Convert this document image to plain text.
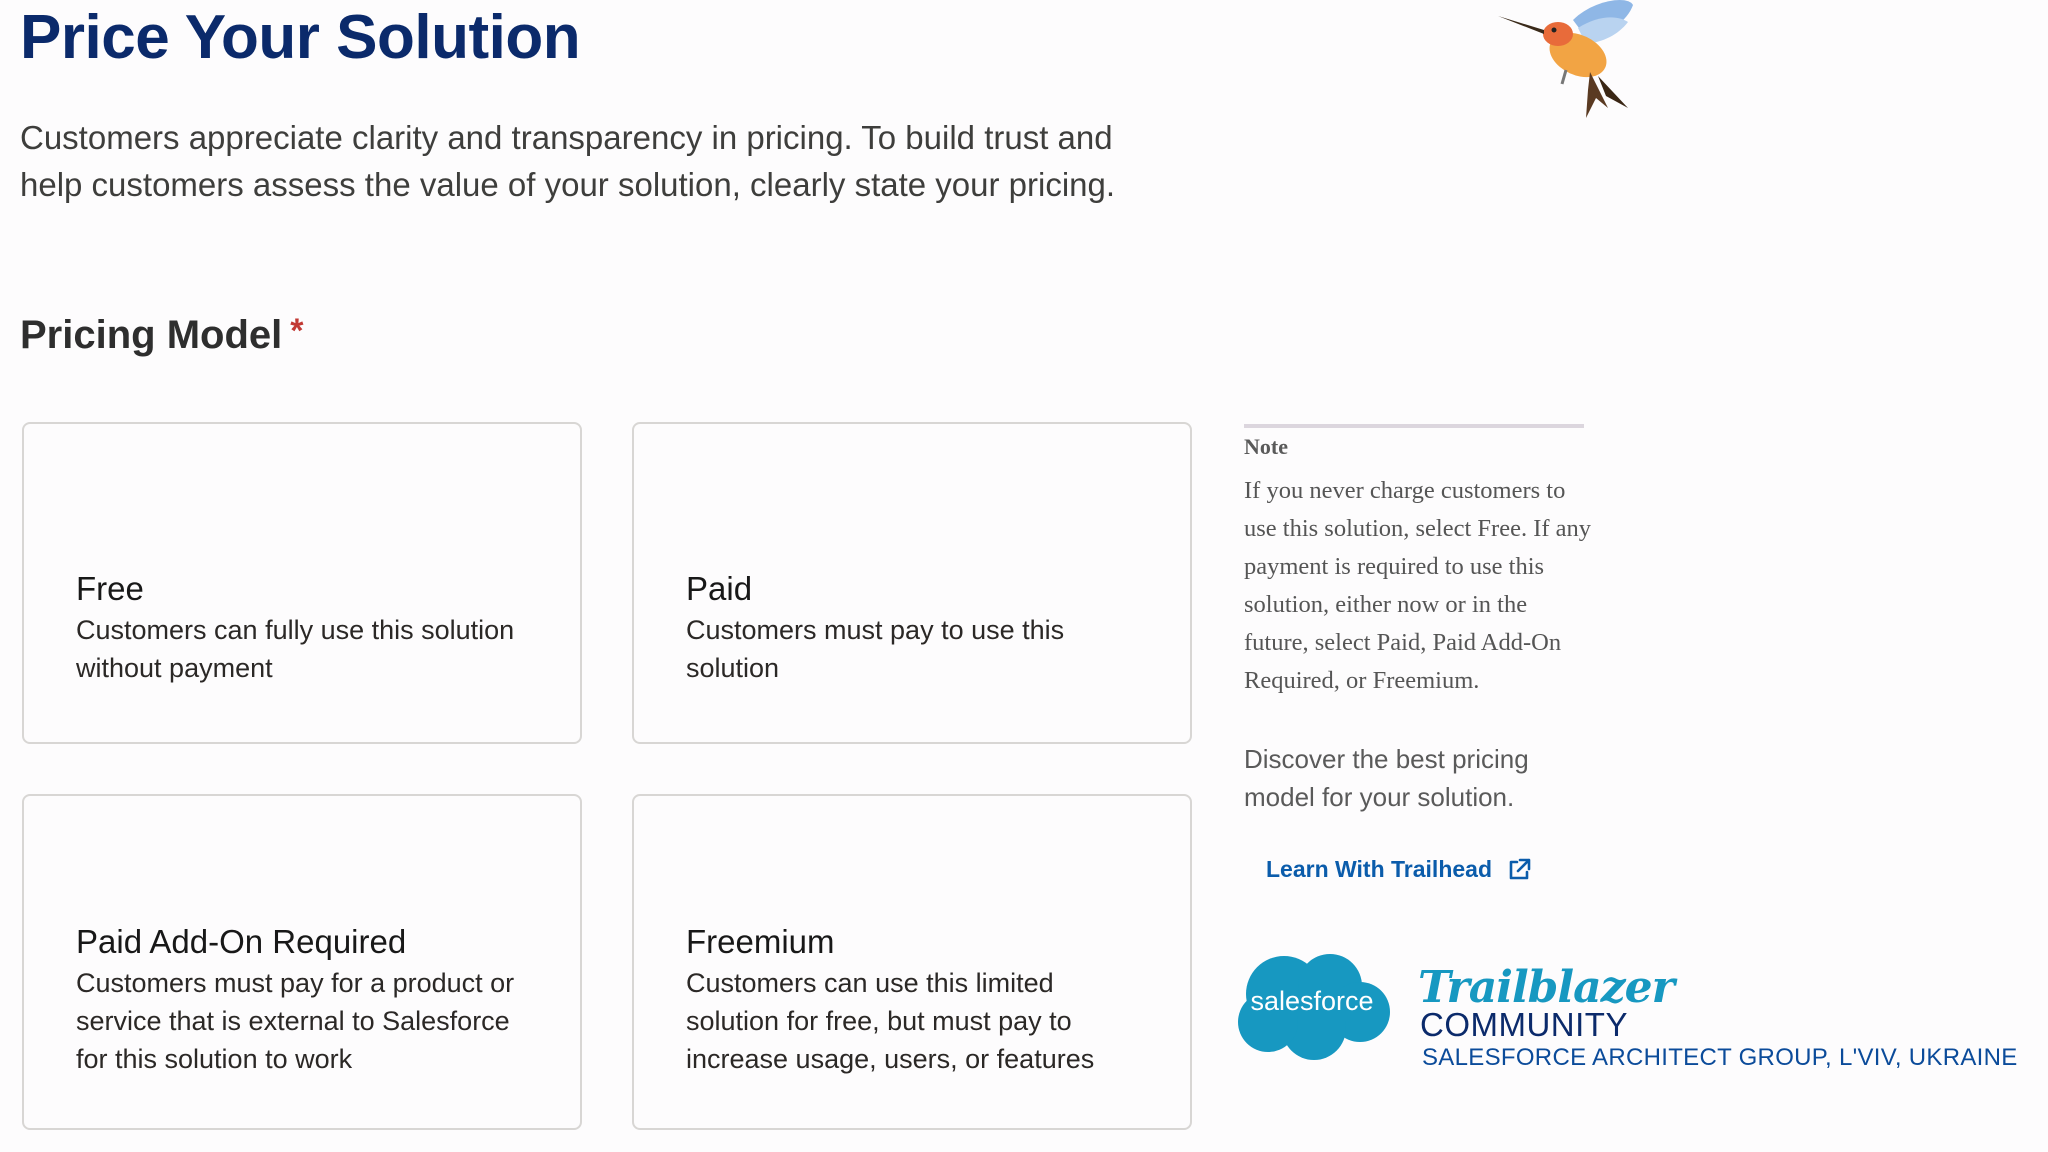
Price Your Solution

Customers appreciate clarity and transparency in pricing. To build trust and help customers assess the value of your solution, clearly state your pricing.

Pricing Model *
Free
Customers can fully use this solution without payment
Paid
Customers must pay to use this solution
Paid Add-On Required
Customers must pay for a product or service that is external to Salesforce for this solution to work
Freemium
Customers can use this limited solution for free, but must pay to increase usage, users, or features
Note

If you never charge customers to use this solution, select Free. If any payment is required to use this solution, either now or in the future, select Paid, Paid Add-On Required, or Freemium.

Discover the best pricing model for your solution.

Learn With Trailhead
salesforce	Trailblazer
COMMUNITY
SALESFORCE ARCHITECT GROUP, L'VIV, UKRAINE
